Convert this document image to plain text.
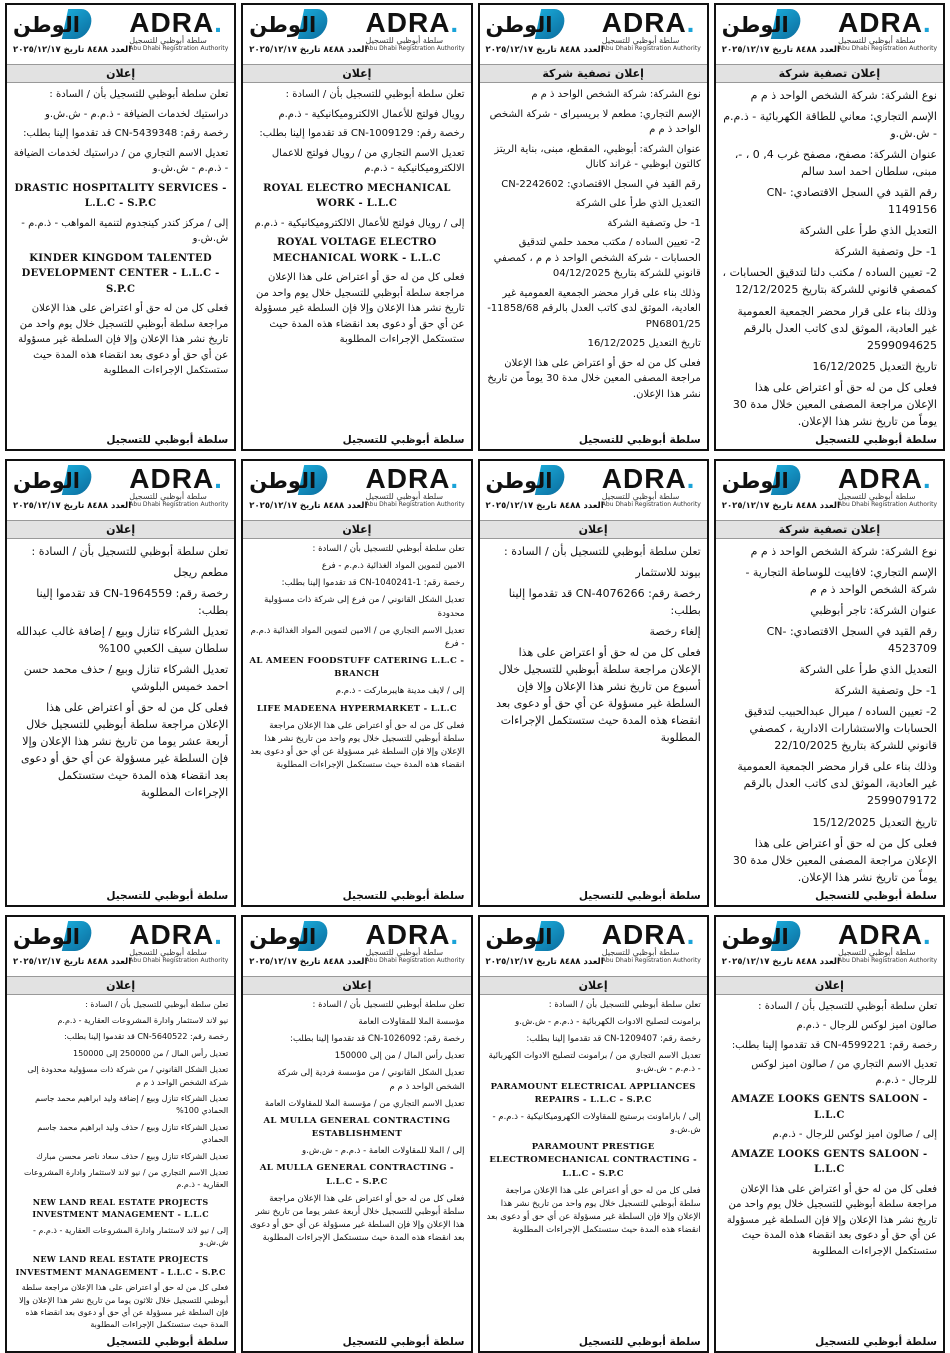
الوطن ADRA.
سلطة أبوظبي للتسجيل
Abu Dhabi Registration Authority
العدد ٨٤٨٨ تاريخ ٢٠٢٥/١٢/١٧
إعلان تصفية شركة

نوع الشركة: شركة الشخص الواحد ذ م م

الإسم التجاري: معاني للطاقة الكهربائية - ذ.م.م - ش.ش.و

عنوان الشركة: مصفح، مصفح غرب 4, 0 ، -، مبنى، سلطان احمد اسد سالم

رقم القيد في السجل الاقتصادي: CN-1149156

التعديل الذي طرأ على الشركة

1- حل وتصفية الشركة

2- تعيين الساده / مكتب دلتا لتدقيق الحسابات ، كمصفي قانوني للشركة بتاريخ 12/12/2025

وذلك بناء على قرار محضر الجمعية العمومية غير العادية، الموثق لدى كاتب العدل بالرقم 2599094625

تاريخ التعديل 16/12/2025

فعلى كل من له حق أو اعتراض على هذا الإعلان مراجعة المصفى المعين خلال مدة 30 يوماً من تاريخ نشر هذا الإعلان.

سلطة أبوظبي للتسجيل
الوطن ADRA.
سلطة أبوظبي للتسجيل
Abu Dhabi Registration Authority
العدد ٨٤٨٨ تاريخ ٢٠٢٥/١٢/١٧
إعلان تصفية شركة

نوع الشركة: شركة الشخص الواحد ذ م م

الإسم التجاري: مطعم لا بريسيراى - شركة الشخص الواحد ذ م م

عنوان الشركة: أبوظبي، المقطع، مبنى، بناية الريتز كالتون ابوظبي - غراند كانال

رقم القيد في السجل الاقتصادي: CN-2242602

التعديل الذي طرأ على الشركة

1- حل وتصفية الشركة

2- تعيين الساده / مكتب محمد حلمي لتدقيق الحسابات - شركة الشخص الواحد ذ م م ، كمصفي قانوني للشركة بتاريخ 04/12/2025

وذلك بناء على قرار محضر الجمعية العمومية غير العادية، الموثق لدى كاتب العدل بالرقم 11858/68-PN6801/25

تاريخ التعديل 16/12/2025

فعلى كل من له حق أو اعتراض على هذا الإعلان مراجعة المصفى المعين خلال مدة 30 يوماً من تاريخ نشر هذا الإعلان.

سلطة أبوظبي للتسجيل
الوطن ADRA.
سلطة أبوظبي للتسجيل
Abu Dhabi Registration Authority
العدد ٨٤٨٨ تاريخ ٢٠٢٥/١٢/١٧
إعلان

تعلن سلطة أبوظبي للتسجيل بأن / السادة :

رويال فولتج للأعمال الالكتروميكانيكية - ذ.م.م

رخصة رقم: CN-1009129 قد تقدموا إلينا بطلب:

تعديل الاسم التجاري من / رويال فولتج للاعمال الالكتروميكانيكية - ذ.م.م

ROYAL ELECTRO MECHANICAL WORK - L.L.C

إلى / رويال فولتج للأعمال الالكتروميكانيكية - ذ.م.م

ROYAL VOLTAGE ELECTRO MECHANICAL WORK - L.L.C

فعلى كل من له حق أو اعتراض على هذا الإعلان مراجعة سلطة أبوظبي للتسجيل خلال يوم واحد من تاريخ نشر هذا الإعلان وإلا فإن السلطة غير مسؤولة عن أي حق أو دعوى بعد انقضاء هذه المدة حيث ستستكمل الإجراءات المطلوبة

سلطة أبوظبي للتسجيل
الوطن ADRA.
سلطة أبوظبي للتسجيل
Abu Dhabi Registration Authority
العدد ٨٤٨٨ تاريخ ٢٠٢٥/١٢/١٧
إعلان

تعلن سلطة أبوظبي للتسجيل بأن / السادة :

دراستيك لخدمات الضيافة - ذ.م.م - ش.ش.و

رخصة رقم: CN-5439348 قد تقدموا إلينا بطلب:

تعديل الاسم التجاري من / دراستيك لخدمات الضيافة - ذ.م.م - ش.ش.و

DRASTIC HOSPITALITY SERVICES - L.L.C - S.P.C

إلى / مركز كندر كينجدوم لتنمية المواهب - ذ.م.م - ش.ش.و

KINDER KINGDOM TALENTED DEVELOPMENT CENTER - L.L.C - S.P.C

فعلى كل من له حق أو اعتراض على هذا الإعلان مراجعة سلطة أبوظبي للتسجيل خلال يوم واحد من تاريخ نشر هذا الإعلان وإلا فإن السلطة غير مسؤولة عن أي حق أو دعوى بعد انقضاء هذه المدة حيث ستستكمل الإجراءات المطلوبة

سلطة أبوظبي للتسجيل
الوطن ADRA.
سلطة أبوظبي للتسجيل
Abu Dhabi Registration Authority
العدد ٨٤٨٨ تاريخ ٢٠٢٥/١٢/١٧
إعلان تصفية شركة

نوع الشركة: شركة الشخص الواحد ذ م م

الإسم التجاري: لافاييت للوساطة التجارية - شركة الشخص الواحد ذ م م

عنوان الشركة: تاجر أبوظبي

رقم القيد في السجل الاقتصادي: CN-4523709

التعديل الذي طرأ على الشركة

1- حل وتصفية الشركة

2- تعيين الساده / ميرال عبدالحبيب لتدقيق الحسابات والاستشارات الادارية ، كمصفي قانوني للشركة بتاريخ 22/10/2025

وذلك بناء على قرار محضر الجمعية العمومية غير العادية، الموثق لدى كاتب العدل بالرقم 2599079172

تاريخ التعديل 15/12/2025

فعلى كل من له حق أو اعتراض على هذا الإعلان مراجعة المصفى المعين خلال مدة 30 يوماً من تاريخ نشر هذا الإعلان.

سلطة أبوظبي للتسجيل
الوطن ADRA.
سلطة أبوظبي للتسجيل
Abu Dhabi Registration Authority
العدد ٨٤٨٨ تاريخ ٢٠٢٥/١٢/١٧
إعلان

تعلن سلطة أبوظبي للتسجيل بأن / السادة :

بيوند للاستثمار

رخصة رقم: CN-4076266 قد تقدموا إلينا بطلب:

إلغاء رخصة

فعلى كل من له حق أو اعتراض على هذا الإعلان مراجعة سلطة أبوظبي للتسجيل خلال أسبوع من تاريخ نشر هذا الإعلان وإلا فإن السلطة غير مسؤولة عن أي حق أو دعوى بعد انقضاء هذه المدة حيث ستستكمل الإجراءات المطلوبة

سلطة أبوظبي للتسجيل
الوطن ADRA.
سلطة أبوظبي للتسجيل
Abu Dhabi Registration Authority
العدد ٨٤٨٨ تاريخ ٢٠٢٥/١٢/١٧
إعلان

تعلن سلطة أبوظبي للتسجيل بأن / السادة :

الامين لتموين المواد الغذائية ذ.م.م - فرع

رخصة رقم: CN-1040241-1 قد تقدموا إلينا بطلب:

تعديل الشكل القانوني / من فرع إلى شركة ذات مسؤولية محدودة

تعديل الاسم التجاري من / الامين لتموين المواد الغذائية ذ.م.م - فرع

AL AMEEN FOODSTUFF CATERING L.L.C - BRANCH

إلى / لايف مدينة هايبرماركت - ذ.م.م

LIFE MADEENA HYPERMARKET - L.L.C

فعلى كل من له حق أو اعتراض على هذا الإعلان مراجعة سلطة أبوظبي للتسجيل خلال يوم واحد من تاريخ نشر هذا الإعلان وإلا فإن السلطة غير مسؤولة عن أي حق أو دعوى بعد انقضاء هذه المدة حيث ستستكمل الإجراءات المطلوبة

سلطة أبوظبي للتسجيل
الوطن ADRA.
سلطة أبوظبي للتسجيل
Abu Dhabi Registration Authority
العدد ٨٤٨٨ تاريخ ٢٠٢٥/١٢/١٧
إعلان

تعلن سلطة أبوظبي للتسجيل بأن / السادة :

مطعم ريجل

رخصة رقم: CN-1964559 قد تقدموا إلينا بطلب:

تعديل الشركاء تنازل وبيع / إضافة غالب عبدالله سلطان سيف الكعبي 100%

تعديل الشركاء تنازل وبيع / حذف محمد حسن احمد خميس البلوشي

فعلى كل من له حق أو اعتراض على هذا الإعلان مراجعة سلطة أبوظبي للتسجيل خلال أربعة عشر يوما من تاريخ نشر هذا الإعلان وإلا فإن السلطة غير مسؤولة عن أي حق أو دعوى بعد انقضاء هذه المدة حيث ستستكمل الإجراءات المطلوبة

سلطة أبوظبي للتسجيل
الوطن ADRA.
سلطة أبوظبي للتسجيل
Abu Dhabi Registration Authority
العدد ٨٤٨٨ تاريخ ٢٠٢٥/١٢/١٧
إعلان

تعلن سلطة أبوظبي للتسجيل بأن / السادة :

صالون اميز لوكس للرجال - ذ.م.م

رخصة رقم: CN-4599221 قد تقدموا إلينا بطلب:

تعديل الاسم التجاري من / صالون اميز لوكس للرجال - ذ.م.م

AMAZE LOOKS GENTS SALOON - L.L.C

إلى / صالون اميز لوكس للرجال - ذ.م.م

AMAZE LOOKS GENTS SALOON - L.L.C

فعلى كل من له حق أو اعتراض على هذا الإعلان مراجعة سلطة أبوظبي للتسجيل خلال يوم واحد من تاريخ نشر هذا الإعلان وإلا فإن السلطة غير مسؤولة عن أي حق أو دعوى بعد انقضاء هذه المدة حيث ستستكمل الإجراءات المطلوبة

سلطة أبوظبي للتسجيل
الوطن ADRA.
سلطة أبوظبي للتسجيل
Abu Dhabi Registration Authority
العدد ٨٤٨٨ تاريخ ٢٠٢٥/١٢/١٧
إعلان

تعلن سلطة أبوظبي للتسجيل بأن / السادة :

برامونت لتصليح الادوات الكهربائية - ذ.م.م - ش.ش.و

رخصة رقم: CN-1209407 قد تقدموا إلينا بطلب:

تعديل الاسم التجاري من / برامونت لتصليح الادوات الكهربائية - ذ.م.م - ش.ش.و

PARAMOUNT ELECTRICAL APPLIANCES REPAIRS - L.L.C - S.P.C

إلى / باراماونت برستيج للمقاولات الكهروميكانيكية - ذ.م.م - ش.ش.و

PARAMOUNT PRESTIGE ELECTROMECHANICAL CONTRACTING - L.L.C - S.P.C

فعلى كل من له حق أو اعتراض على هذا الإعلان مراجعة سلطة أبوظبي للتسجيل خلال يوم واحد من تاريخ نشر هذا الإعلان وإلا فإن السلطة غير مسؤولة عن أي حق أو دعوى بعد انقضاء هذه المدة حيث ستستكمل الإجراءات المطلوبة

سلطة أبوظبي للتسجيل
الوطن ADRA.
سلطة أبوظبي للتسجيل
Abu Dhabi Registration Authority
العدد ٨٤٨٨ تاريخ ٢٠٢٥/١٢/١٧
إعلان

تعلن سلطة أبوظبي للتسجيل بأن / السادة :

مؤسسة الملا للمقاولات العامة

رخصة رقم: CN-1026092 قد تقدموا إلينا بطلب:

تعديل رأس المال / من إلى 150000

تعديل الشكل القانوني / من مؤسسة فردية إلى شركة الشخص الواحد ذ م م

تعديل الاسم التجاري من / مؤسسة الملا للمقاولات العامة

AL MULLA GENERAL CONTRACTING ESTABLISHMENT

إلى / الملا للمقاولات العامة - ذ.م.م - ش.ش.و

AL MULLA GENERAL CONTRACTING - L.L.C - S.P.C

فعلى كل من له حق أو اعتراض على هذا الإعلان مراجعة سلطة أبوظبي للتسجيل خلال أربعة عشر يوما من تاريخ نشر هذا الإعلان وإلا فإن السلطة غير مسؤولة عن أي حق أو دعوى بعد انقضاء هذه المدة حيث ستستكمل الإجراءات المطلوبة

سلطة أبوظبي للتسجيل
الوطن ADRA.
سلطة أبوظبي للتسجيل
Abu Dhabi Registration Authority
العدد ٨٤٨٨ تاريخ ٢٠٢٥/١٢/١٧
إعلان

تعلن سلطة أبوظبي للتسجيل بأن / السادة :

نيو لاند لاستثمار وادارة المشروعات العقارية - ذ.م.م

رخصة رقم: CN-5640522 قد تقدموا إلينا بطلب:

تعديل رأس المال / من 250000 إلى 150000

تعديل الشكل القانوني / من شركة ذات مسؤولية محدودة إلى شركة الشخص الواحد ذ م م

تعديل الشركاء تنازل وبيع / إضافة وليد ابراهيم محمد جاسم الحمادي 100%

تعديل الشركاء تنازل وبيع / حذف وليد ابراهيم محمد جاسم الحمادي

تعديل الشركاء تنازل وبيع / حذف سعاد ناصر محسن مبارك

تعديل الاسم التجاري من / نيو لاند لاستثمار وادارة المشروعات العقارية - ذ.م.م

NEW LAND REAL ESTATE PROJECTS INVESTMENT MANAGEMENT - L.L.C

إلى / نيو لاند لاستثمار وادارة المشروعات العقارية - ذ.م.م - ش.ش.و

NEW LAND REAL ESTATE PROJECTS INVESTMENT MANAGEMENT - L.L.C - S.P.C

فعلى كل من له حق أو اعتراض على هذا الإعلان مراجعة سلطة أبوظبي للتسجيل خلال ثلاثون يوما من تاريخ نشر هذا الإعلان وإلا فإن السلطة غير مسؤولة عن أي حق أو دعوى بعد انقضاء هذه المدة حيث ستستكمل الإجراءات المطلوبة

سلطة أبوظبي للتسجيل
